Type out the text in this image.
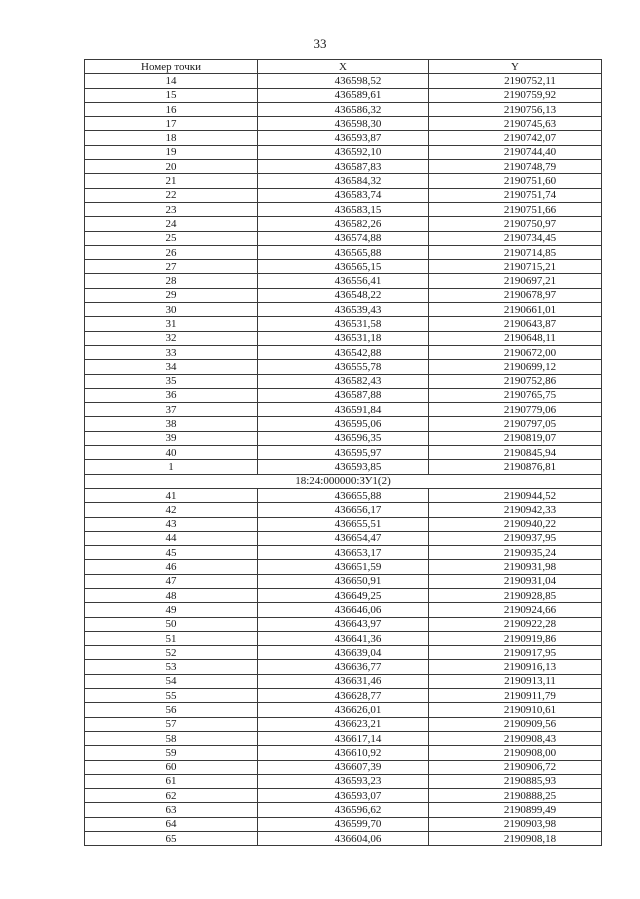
33
Номер точки	X	Y
14	436598,52	2190752,11
15	436589,61	2190759,92
16	436586,32	2190756,13
17	436598,30	2190745,63
18	436593,87	2190742,07
19	436592,10	2190744,40
20	436587,83	2190748,79
21	436584,32	2190751,60
22	436583,74	2190751,74
23	436583,15	2190751,66
24	436582,26	2190750,97
25	436574,88	2190734,45
26	436565,88	2190714,85
27	436565,15	2190715,21
28	436556,41	2190697,21
29	436548,22	2190678,97
30	436539,43	2190661,01
31	436531,58	2190643,87
32	436531,18	2190648,11
33	436542,88	2190672,00
34	436555,78	2190699,12
35	436582,43	2190752,86
36	436587,88	2190765,75
37	436591,84	2190779,06
38	436595,06	2190797,05
39	436596,35	2190819,07
40	436595,97	2190845,94
1	436593,85	2190876,81
18:24:000000:ЗУ1(2)		
41	436655,88	2190944,52
42	436656,17	2190942,33
43	436655,51	2190940,22
44	436654,47	2190937,95
45	436653,17	2190935,24
46	436651,59	2190931,98
47	436650,91	2190931,04
48	436649,25	2190928,85
49	436646,06	2190924,66
50	436643,97	2190922,28
51	436641,36	2190919,86
52	436639,04	2190917,95
53	436636,77	2190916,13
54	436631,46	2190913,11
55	436628,77	2190911,79
56	436626,01	2190910,61
57	436623,21	2190909,56
58	436617,14	2190908,43
59	436610,92	2190908,00
60	436607,39	2190906,72
61	436593,23	2190885,93
62	436593,07	2190888,25
63	436596,62	2190899,49
64	436599,70	2190903,98
65	436604,06	2190908,18
